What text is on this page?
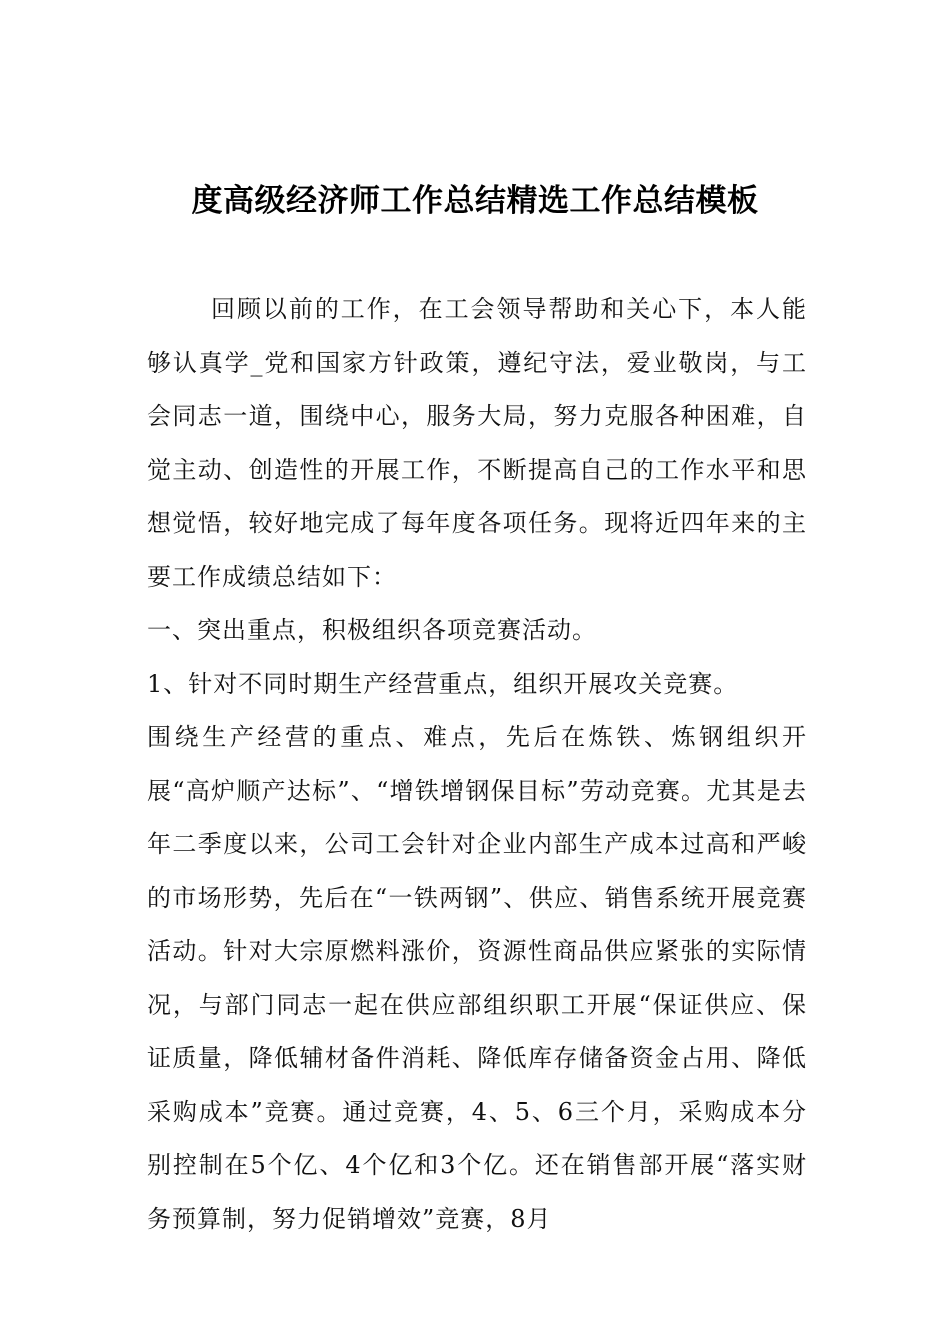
度高级经济师工作总结精选工作总结模板

回顾以前的工作，在工会领导帮助和关心下，本人能够认真学_党和国家方针政策，遵纪守法，爱业敬岗，与工会同志一道，围绕中心，服务大局，努力克服各种困难，自觉主动、创造性的开展工作，不断提高自己的工作水平和思想觉悟，较好地完成了每年度各项任务。现将近四年来的主要工作成绩总结如下：

一、突出重点，积极组织各项竞赛活动。

1、针对不同时期生产经营重点，组织开展攻关竞赛。

围绕生产经营的重点、难点，先后在炼铁、炼钢组织开展“高炉顺产达标”、“增铁增钢保目标”劳动竞赛。尤其是去年二季度以来，公司工会针对企业内部生产成本过高和严峻的市场形势，先后在“一铁两钢”、供应、销售系统开展竞赛活动。针对大宗原燃料涨价，资源性商品供应紧张的实际情况，与部门同志一起在供应部组织职工开展“保证供应、保证质量，降低辅材备件消耗、降低库存储备资金占用、降低采购成本”竞赛。通过竞赛，4、5、6三个月，采购成本分别控制在5个亿、4个亿和3个亿。还在销售部开展“落实财务预算制，努力促销增效”竞赛，8月
